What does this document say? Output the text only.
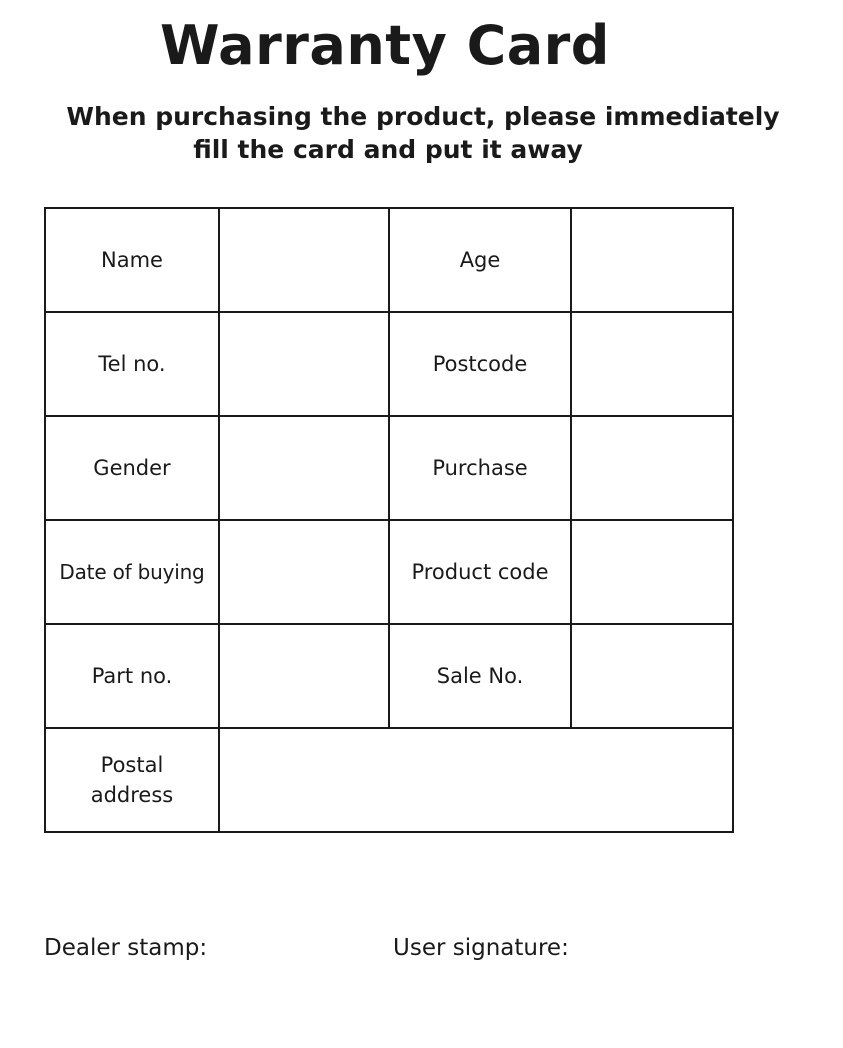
Warranty Card

When purchasing the product, please immediately
fill the card and put it away

Name		Age	
Tel no.		Postcode	
Gender		Purchase	
Date of buying		Product code	
Part no.		Sale No.	
Postal
address			

Dealer stamp:	User signature:
